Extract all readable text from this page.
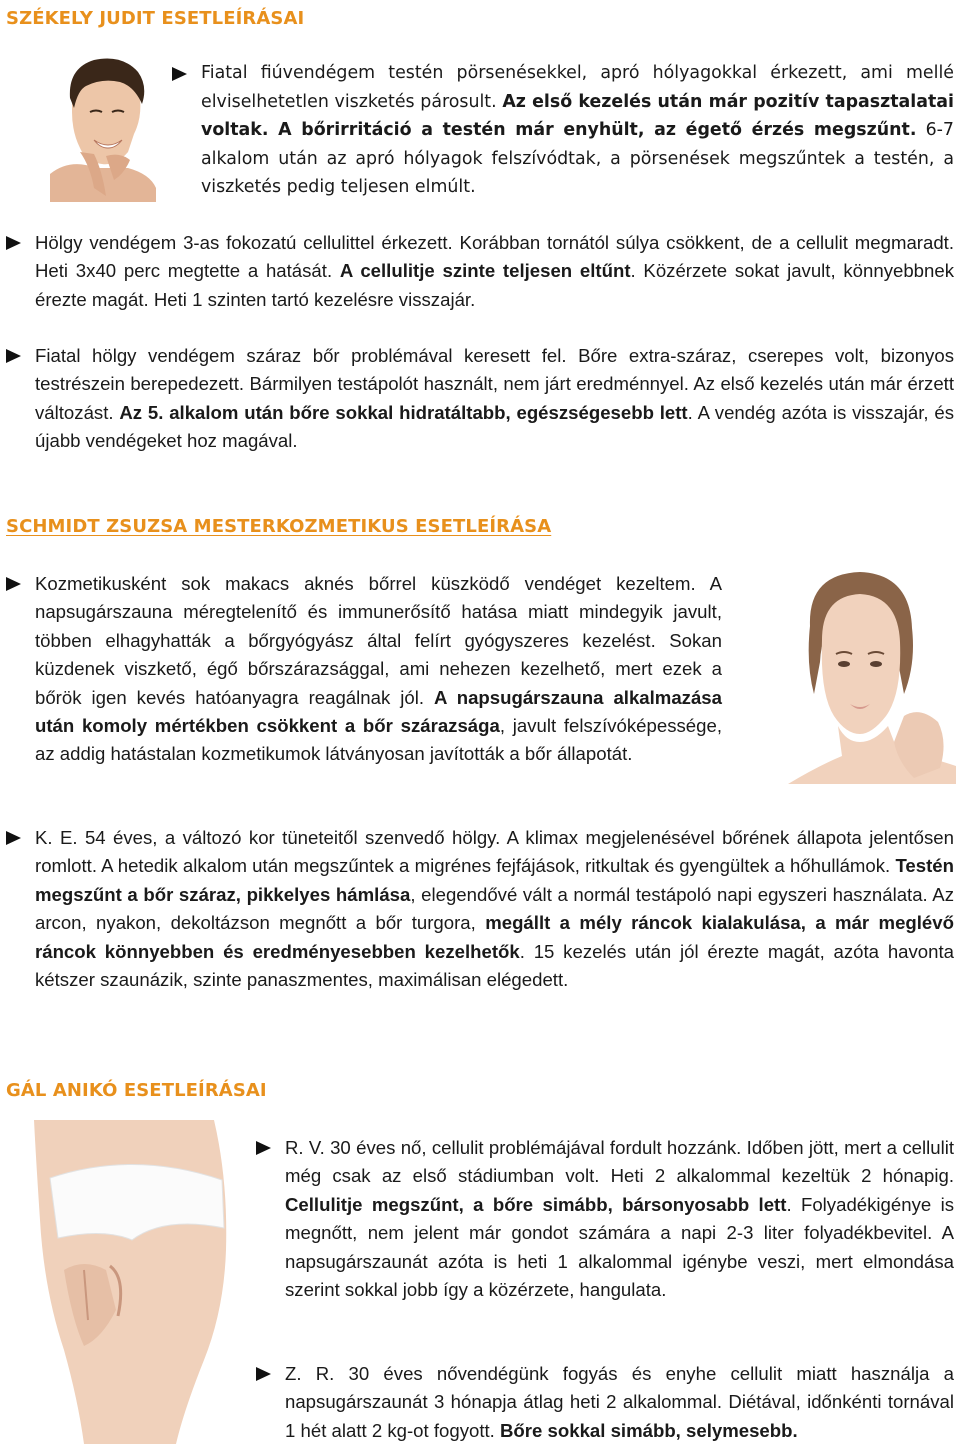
SZÉKELY JUDIT ESETLEÍRÁSAI

Fiatal fiúvendégem testén pörsenésekkel, apró hólyagokkal érkezett, ami mellé elviselhetetlen viszketés párosult. Az első kezelés után már pozitív tapasztalatai voltak. A bőrirritáció a testén már enyhült, az égető érzés megszűnt. 6-7 alkalom után az apró hólyagok felszívódtak, a pörsenések megszűntek a testén, a viszketés pedig teljesen elmúlt.

Hölgy vendégem 3-as fokozatú cellulittel érkezett. Korábban tornától súlya csökkent, de a cellulit megmaradt. Heti 3x40 perc megtette a hatását. A cellulitje szinte teljesen eltűnt. Közérzete sokat javult, könnyebbnek érezte magát. Heti 1 szinten tartó kezelésre visszajár.

Fiatal hölgy vendégem száraz bőr problémával keresett fel. Bőre extra-száraz, cserepes volt, bizonyos testrészein berepedezett. Bármilyen testápolót használt, nem járt eredménnyel. Az első kezelés után már érzett változást. Az 5. alkalom után bőre sokkal hidratáltabb, egészségesebb lett. A vendég azóta is visszajár, és újabb vendégeket hoz magával.

SCHMIDT ZSUZSA MESTERKOZMETIKUS ESETLEÍRÁSA

Kozmetikusként sok makacs aknés bőrrel küszködő vendéget kezeltem. A napsugárszauna méregtelenítő és immunerősítő hatása miatt mindegyik javult, többen elhagyhatták a bőrgyógyász által felírt gyógyszeres kezelést. Sokan küzdenek viszkető, égő bőrszárazsággal, ami nehezen kezelhető, mert ezek a bőrök igen kevés hatóanyagra reagálnak jól. A napsugárszauna alkalmazása után komoly mértékben csökkent a bőr szárazsága, javult felszívóképessége, az addig hatástalan kozmetikumok látványosan javították a bőr állapotát.

K. E. 54 éves, a változó kor tüneteitől szenvedő hölgy. A klimax megjelenésével bőrének állapota jelentősen romlott. A hetedik alkalom után megszűntek a migrénes fejfájások, ritkultak és gyengültek a hőhullámok. Testén megszűnt a bőr száraz, pikkelyes hámlása, elegendővé vált a normál testápoló napi egyszeri használata. Az arcon, nyakon, dekoltázson megnőtt a bőr turgora, megállt a mély ráncok kialakulása, a már meglévő ráncok könnyebben és eredményesebben kezelhetők. 15 kezelés után jól érezte magát, azóta havonta kétszer szaunázik, szinte panaszmentes, maximálisan elégedett.

GÁL ANIKÓ ESETLEÍRÁSAI

R. V. 30 éves nő, cellulit problémájával fordult hozzánk. Időben jött, mert a cellulit még csak az első stádiumban volt. Heti 2 alkalommal kezeltük 2 hónapig. Cellulitje megszűnt, a bőre simább, bársonyosabb lett. Folyadékigénye is megnőtt, nem jelent már gondot számára a napi 2-3 liter folyadékbevitel. A napsugárszaunát azóta is heti 1 alkalommal igénybe veszi, mert elmondása szerint sokkal jobb így a közérzete, hangulata.

Z. R. 30 éves nővendégünk fogyás és enyhe cellulit miatt használja a napsugárszaunát 3 hónapja átlag heti 2 alkalommal. Diétával, időnkénti tornával 1 hét alatt 2 kg-ot fogyott. Bőre sokkal simább, selymesebb.
